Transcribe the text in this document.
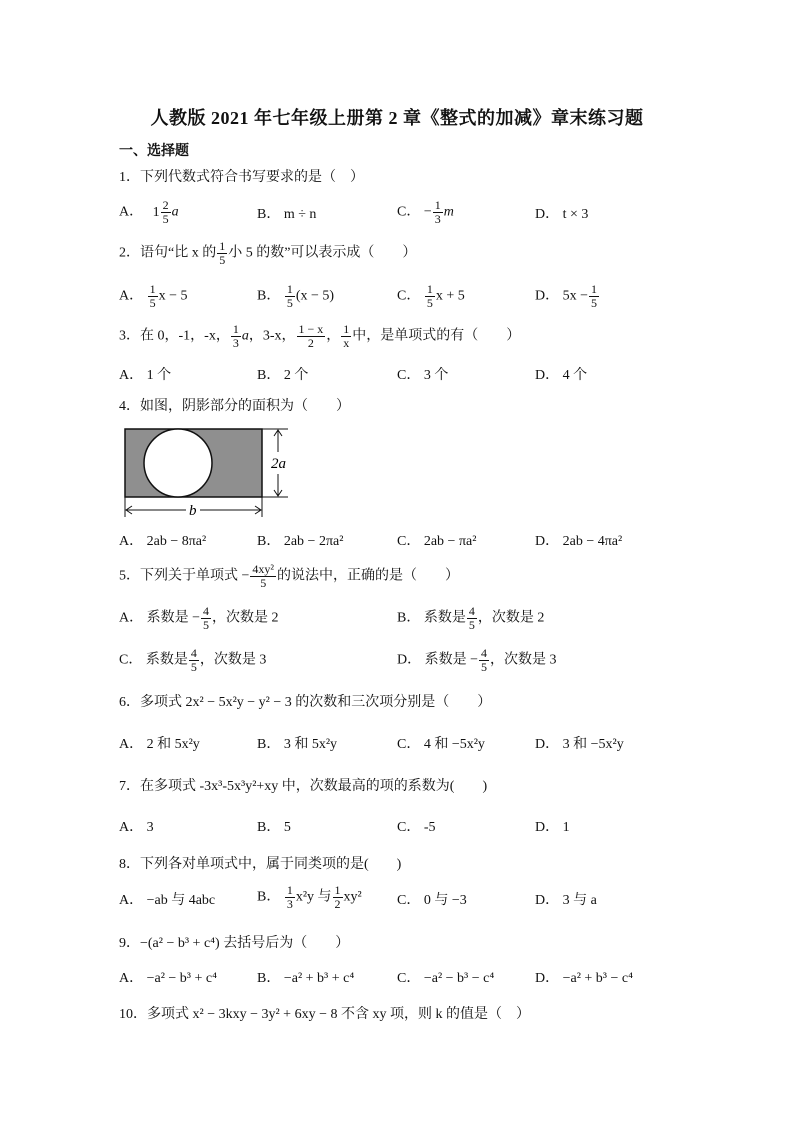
人教版 2021 年七年级上册第 2 章《整式的加减》章末练习题
一、选择题
1．下列代数式符合书写要求的是（　）
A． $1 \frac{2}{5}$ a	B． m ÷ n	C． − $\frac{1}{3}$ m	D． t × 3
2．语句“比 x 的 $\frac{1}{5}$ 小 5 的数”可以表示成（　　）
A． $\frac{1}{5}$ x − 5	B． $\frac{1}{5} (x - 5)$	C． $\frac{1}{5}$ x + 5	D． $5x - \frac{1}{5}$
3．在 0，-1，-x， $\frac{1}{3}$ a，3-x， $\frac{1 - x}{2}$ ， $\frac{1}{x}$ 中，是单项式的有（　　）
A． 1 个	B． 2 个	C． 3 个	D． 4 个
4．如图，阴影部分的面积为（　　）
2a
b
A． 2ab − 8πa²	B． 2ab − 2πa²	C． 2ab − πa²	D． 2ab − 4πa²
5．下列关于单项式 − $\frac{\text{4xy²}}{5}$ 的说法中，正确的是（　　）
A． 系数是 − $\frac{4}{5}$ ，次数是 2	B． 系数是 $\frac{4}{5}$ ，次数是 2
C． 系数是 $\frac{4}{5}$ ，次数是 3	D． 系数是 − $\frac{4}{5}$ ，次数是 3
6．多项式 2x² − 5x²y − y² − 3 的次数和三次项分别是（　　）
A． 2 和 5x²y	B． 3 和 5x²y	C． 4 和 −5x²y	D． 3 和 −5x²y
7．在多项式 -3x³-5x³y²+xy 中，次数最高的项的系数为(　　)
A． 3	B． 5	C． -5	D． 1
8．下列各对单项式中，属于同类项的是(　　)
A． −ab 与 4abc	B． $\frac{1}{3} x^2y$ 与 $\frac{1}{2} xy^2$	C． 0 与 −3	D． 3 与 a
9．−(a² − b³ + c⁴) 去括号后为（　　）
A． −a² − b³ + c⁴	B． −a² + b³ + c⁴	C． −a² − b³ − c⁴	D． −a² + b³ − c⁴
10．多项式 x² − 3kxy − 3y² + 6xy − 8 不含 xy 项，则 k 的值是（　）
